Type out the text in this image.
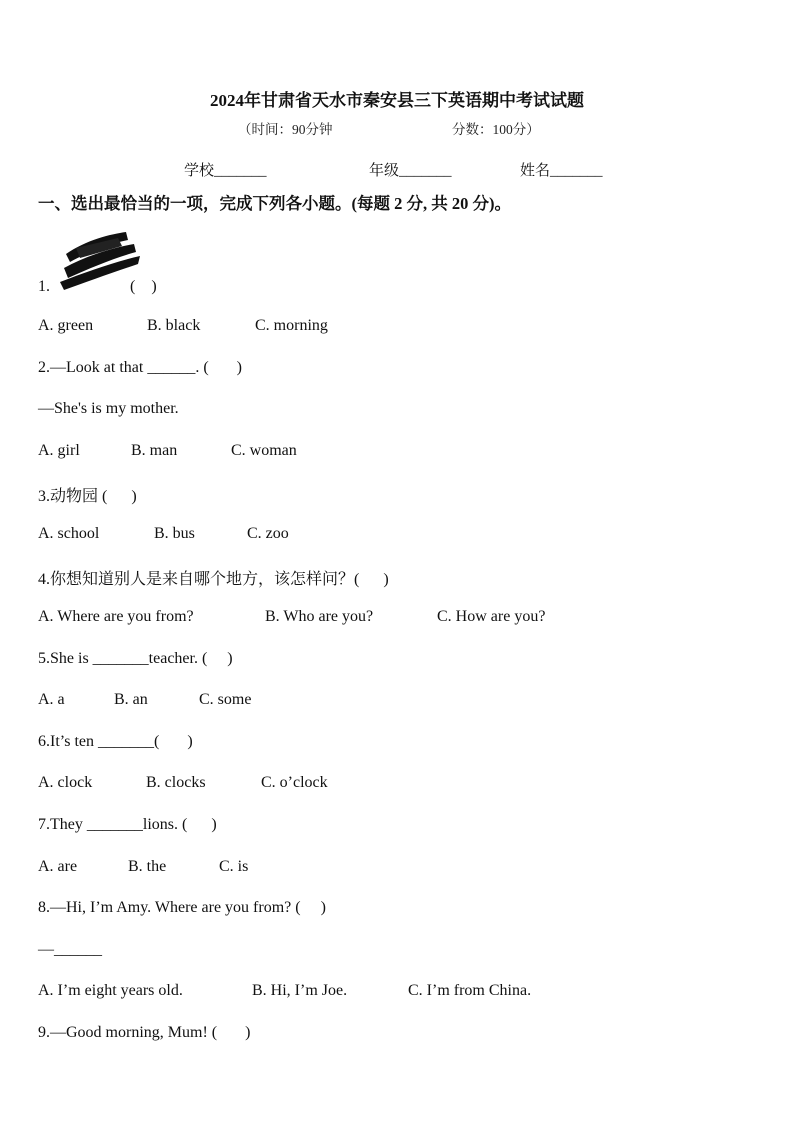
2024年甘肃省天水市秦安县三下英语期中考试试题
（时间：90分钟	分数：100分）
学校_______	年级_______	姓名_______
一、选出最恰当的一项，完成下列各小题。(每题 2 分, 共 20 分)。
1.                    (    )
A. green	B. black	C. morning
2.—Look at that ______. (       )
—She's is my mother.
A. girl	B. man	C. woman
3.动物园 (      )
A. school	B. bus	C. zoo
4.你想知道别人是来自哪个地方，该怎样问？(      )
A. Where are you from?	B. Who are you?	C. How are you?
5.She is _______teacher. (     )
A. a	B. an	C. some
6.It’s ten _______(       )
A. clock	B. clocks	C. o’clock
7.They _______lions. (      )
A. are	B. the	C. is
8.—Hi, I’m Amy. Where are you from? (     )
—______
A. I’m eight years old.	B. Hi, I’m Joe.	C. I’m from China.
9.—Good morning, Mum! (       )
